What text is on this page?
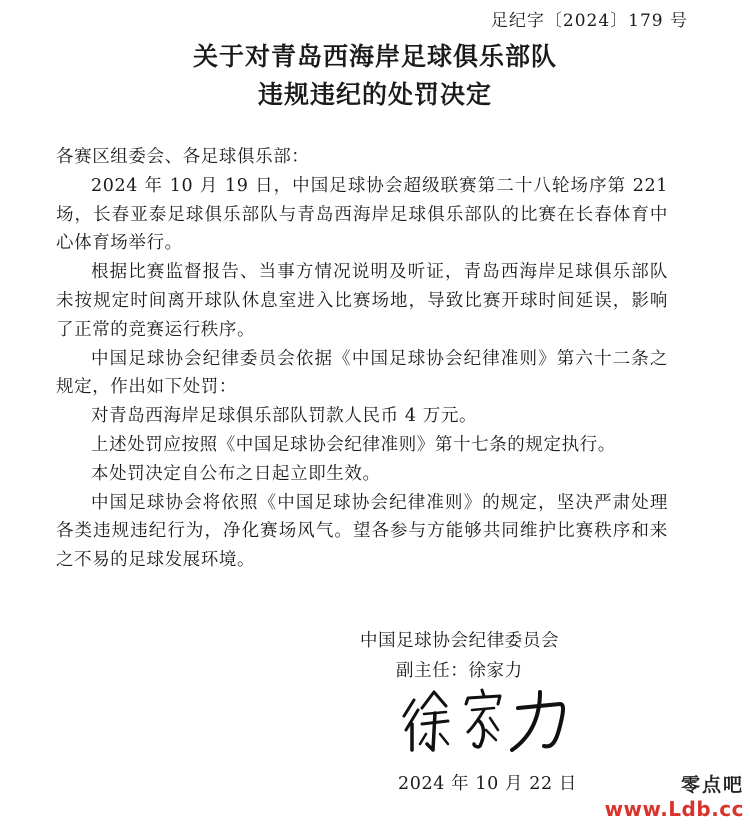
足纪字〔2024〕179 号
关于对青岛西海岸足球俱乐部队
违规违纪的处罚决定

各赛区组委会、各足球俱乐部：

2024 年 10 月 19 日，中国足球协会超级联赛第二十八轮场序第 221 场，长春亚泰足球俱乐部队与青岛西海岸足球俱乐部队的比赛在长春体育中心体育场举行。

根据比赛监督报告、当事方情况说明及听证，青岛西海岸足球俱乐部队未按规定时间离开球队休息室进入比赛场地，导致比赛开球时间延误，影响了正常的竞赛运行秩序。

中国足球协会纪律委员会依据《中国足球协会纪律准则》第六十二条之规定，作出如下处罚：

对青岛西海岸足球俱乐部队罚款人民币 4 万元。

上述处罚应按照《中国足球协会纪律准则》第十七条的规定执行。

本处罚决定自公布之日起立即生效。

中国足球协会将依照《中国足球协会纪律准则》的规定，坚决严肃处理各类违规违纪行为，净化赛场风气。望各参与方能够共同维护比赛秩序和来之不易的足球发展环境。

中国足球协会纪律委员会
副主任：徐家力
2024 年 10 月 22 日	零点吧
www.Ldb.cc
